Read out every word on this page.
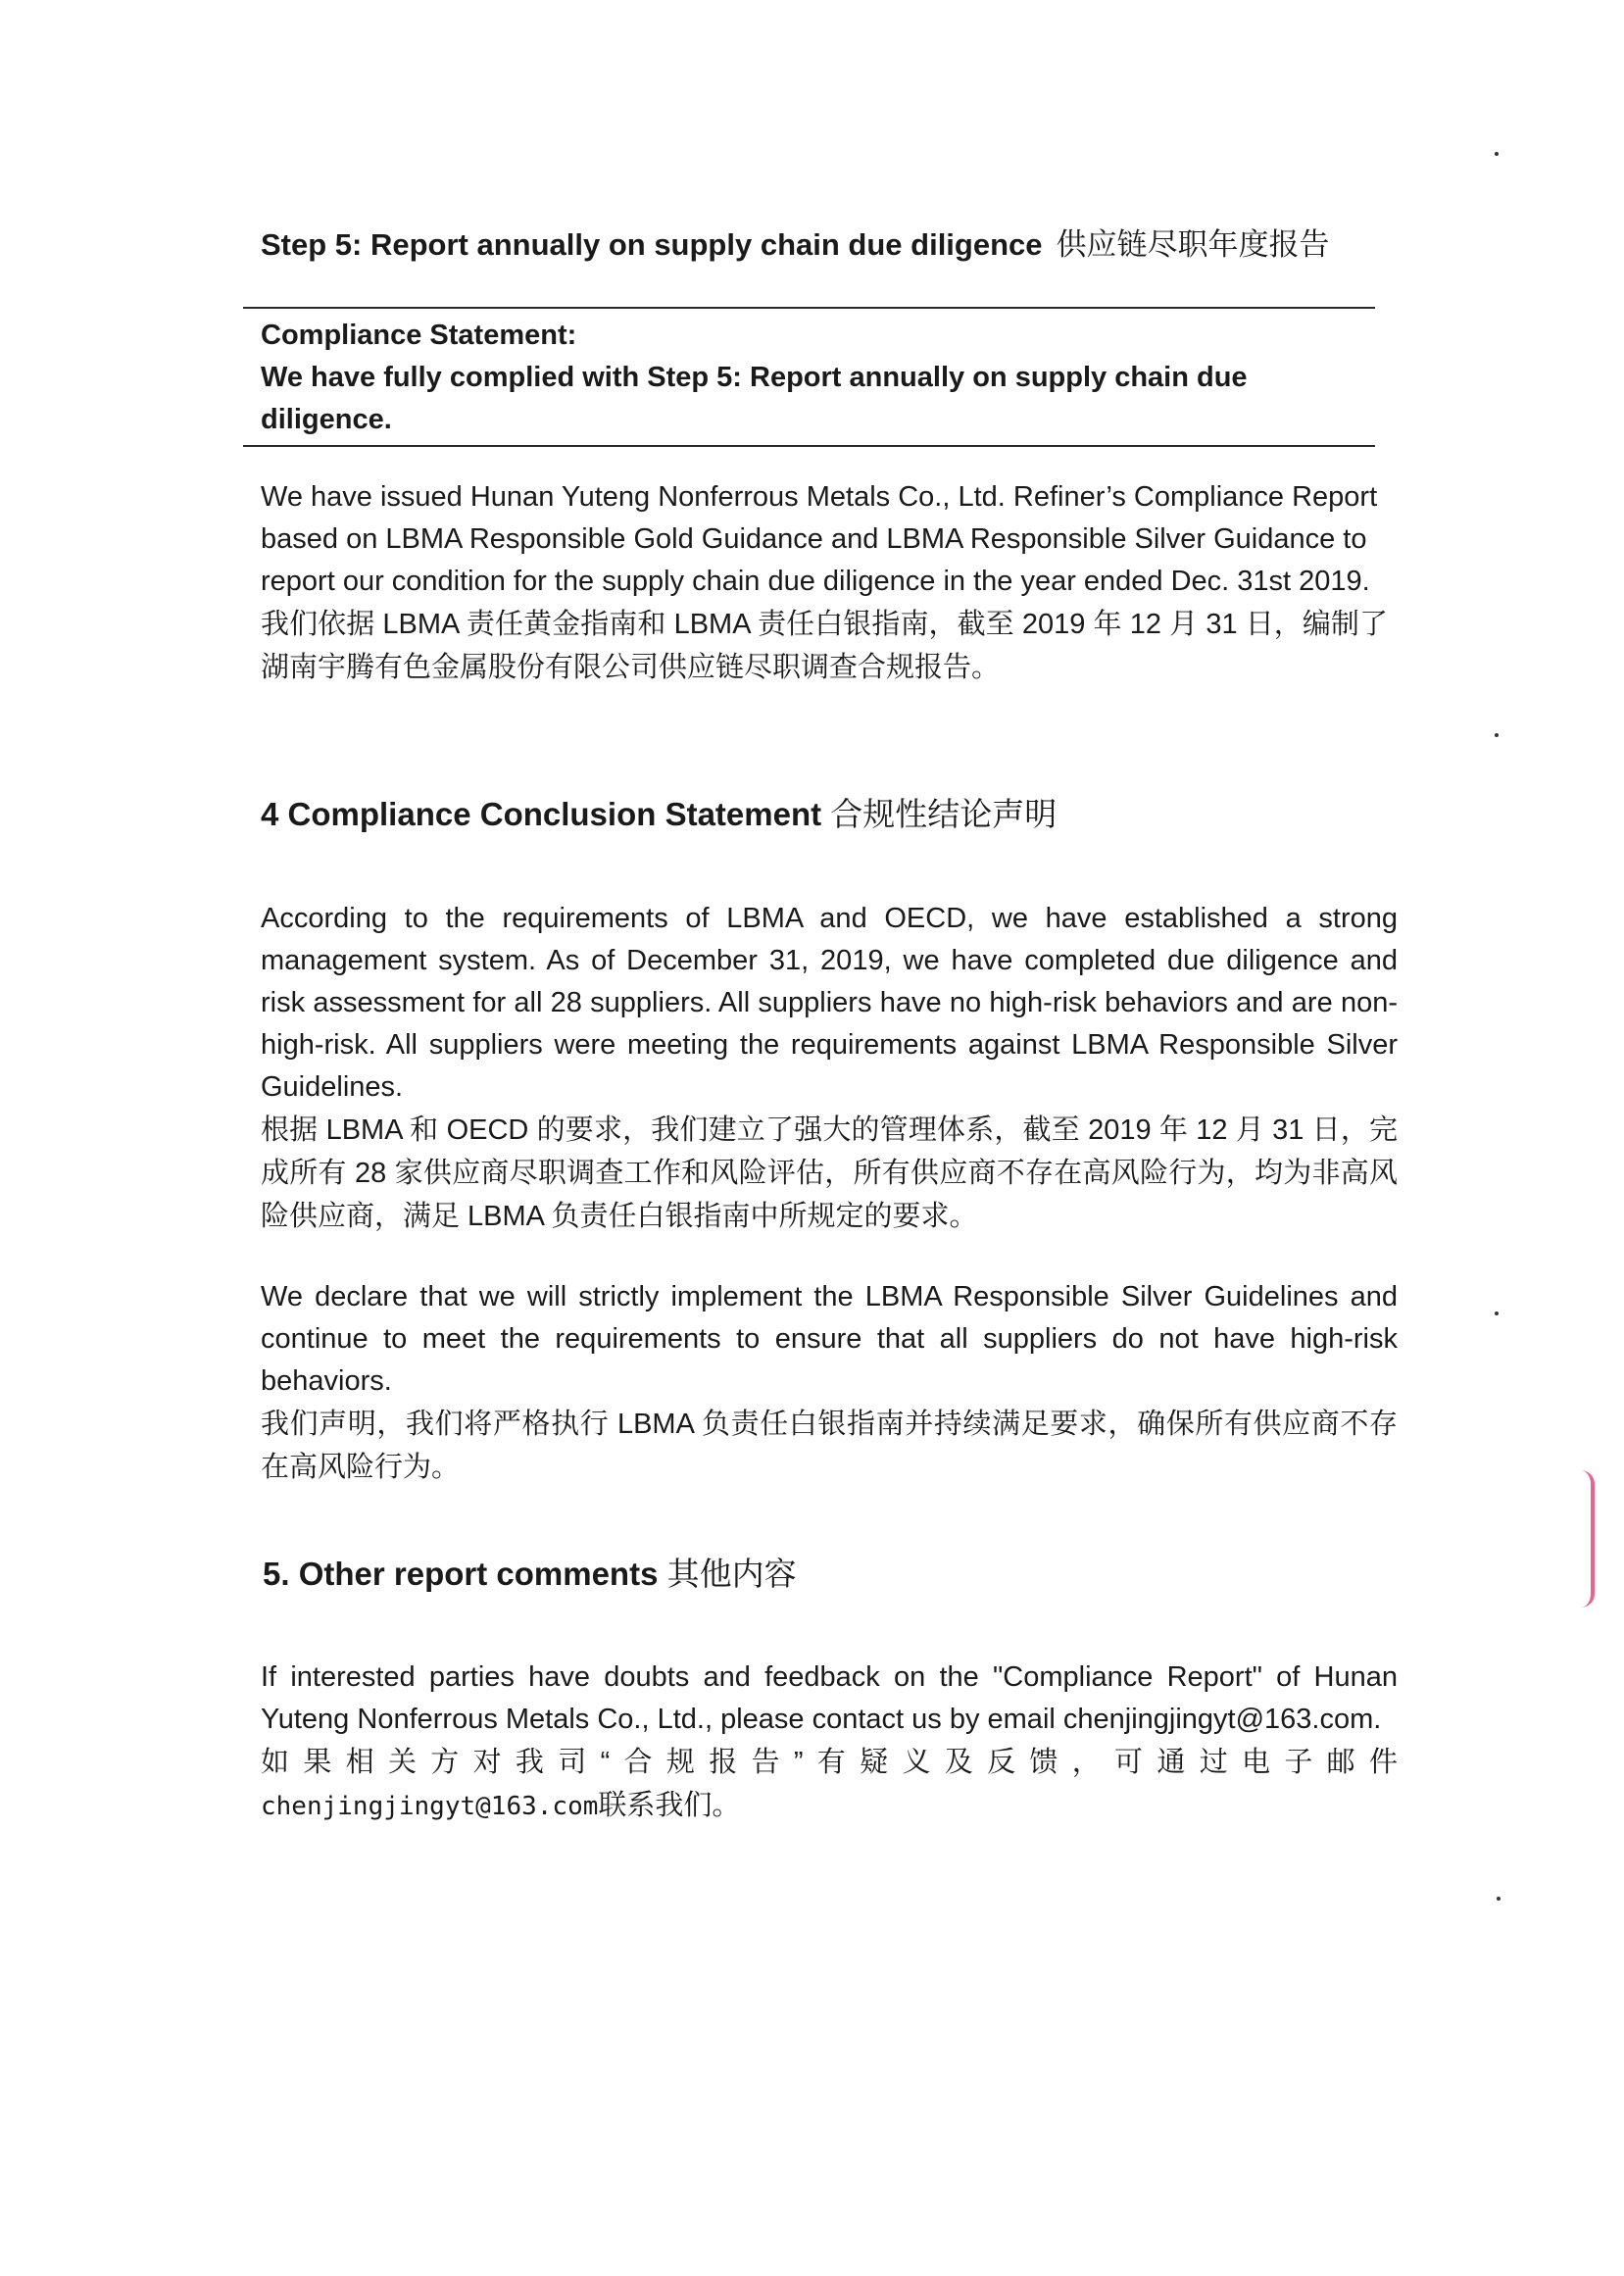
Step 5: Report annually on supply chain due diligence 供应链尽职年度报告
Compliance Statement:
We have fully complied with Step 5: Report annually on supply chain due
diligence.

We have issued Hunan Yuteng Nonferrous Metals Co., Ltd. Refiner’s Compliance Report based on LBMA Responsible Gold Guidance and LBMA Responsible Silver Guidance to report our condition for the supply chain due diligence in the year ended Dec. 31st 2019.

我们依据 LBMA 责任黄金指南和 LBMA 责任白银指南，截至 2019 年 12 月 31 日，编制了湖南宇腾有色金属股份有限公司供应链尽职调查合规报告。

4 Compliance Conclusion Statement 合规性结论声明

According to the requirements of LBMA and OECD, we have established a strong management system. As of December 31, 2019, we have completed due diligence and risk assessment for all 28 suppliers. All suppliers have no high-risk behaviors and are non-high-risk. All suppliers were meeting the requirements against LBMA Responsible Silver Guidelines.

根据 LBMA 和 OECD 的要求，我们建立了强大的管理体系，截至 2019 年 12 月 31 日，完成所有 28 家供应商尽职调查工作和风险评估，所有供应商不存在高风险行为，均为非高风险供应商，满足 LBMA 负责任白银指南中所规定的要求。

We declare that we will strictly implement the LBMA Responsible Silver Guidelines and continue to meet the requirements to ensure that all suppliers do not have high-risk behaviors.

我们声明，我们将严格执行 LBMA 负责任白银指南并持续满足要求，确保所有供应商不存在高风险行为。

5. Other report comments 其他内容

If interested parties have doubts and feedback on the "Compliance Report" of Hunan Yuteng Nonferrous Metals Co., Ltd., please contact us by email chenjingjingyt@163.com.

如果相关方对我司“合规报告”有疑义及反馈，可通过电子邮件
chenjingjingyt@163.com联系我们。
